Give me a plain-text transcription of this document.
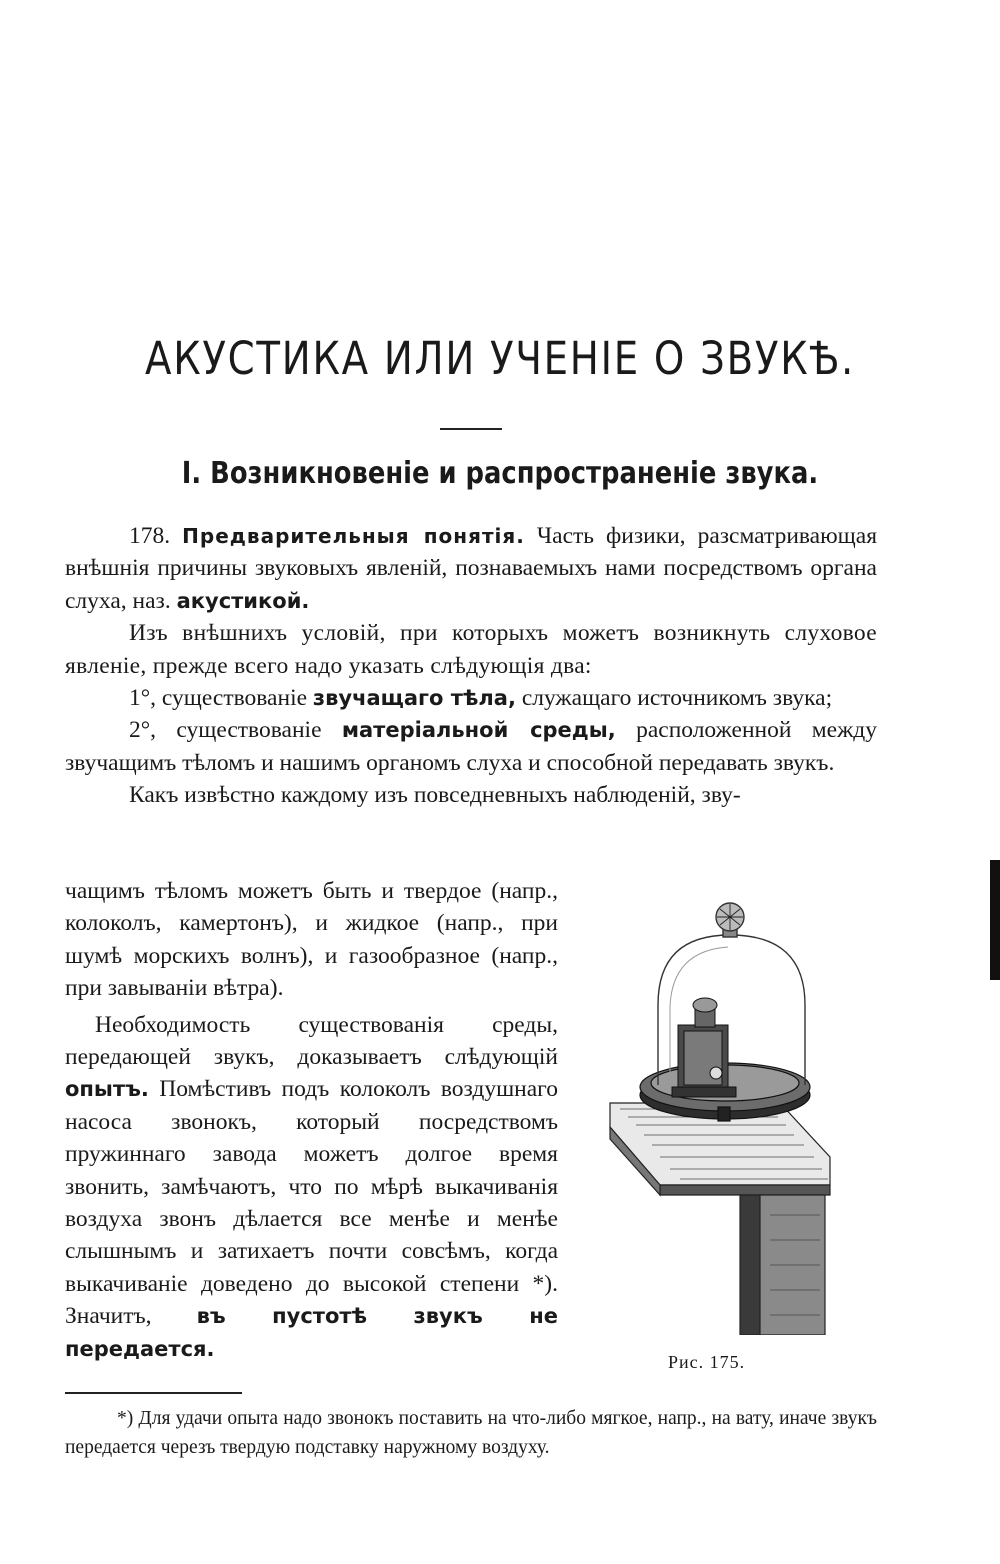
АКУСТИКА ИЛИ УЧЕНІЕ О ЗВУКѢ.
I. Возникновеніе и распространеніе звука.

178. Предварительныя понятія. Часть физики, разсматривающая внѣшнія причины звуковыхъ явленій, познаваемыхъ нами посредствомъ органа слуха, наз. акустикой.

Изъ внѣшнихъ условій, при которыхъ можетъ возникнуть слуховое явленіе, прежде всего надо указать слѣдующія два:

1°, существованіе звучащаго тѣла, служащаго источникомъ звука;

2°, существованіе матеріальной среды, расположенной между звучащимъ тѣломъ и нашимъ органомъ слуха и способной передавать звукъ.

Какъ извѣстно каждому изъ повседневныхъ наблюденій, зву-

чащимъ тѣломъ можетъ быть и твердое (напр., колоколъ, камертонъ), и жидкое (напр., при шумѣ морскихъ волнъ), и газообразное (напр., при завываніи вѣтра).

Необходимость существованія среды, передающей звукъ, доказываетъ слѣдующій опытъ. Помѣстивъ подъ колоколъ воздушнаго насоса звонокъ, который посредствомъ пружиннаго завода можетъ долгое время звонить, замѣчаютъ, что по мѣрѣ выкачиванія воздуха звонъ дѣлается все менѣе и менѣе слышнымъ и затихаетъ почти совсѣмъ, когда выкачиваніе доведено до высокой степени *). Значитъ, въ пустотѣ звукъ не передается.

Рис. 175.

*) Для удачи опыта надо звонокъ поставить на что-либо мягкое, напр., на вату, иначе звукъ передается черезъ твердую подставку наружному воздуху.
